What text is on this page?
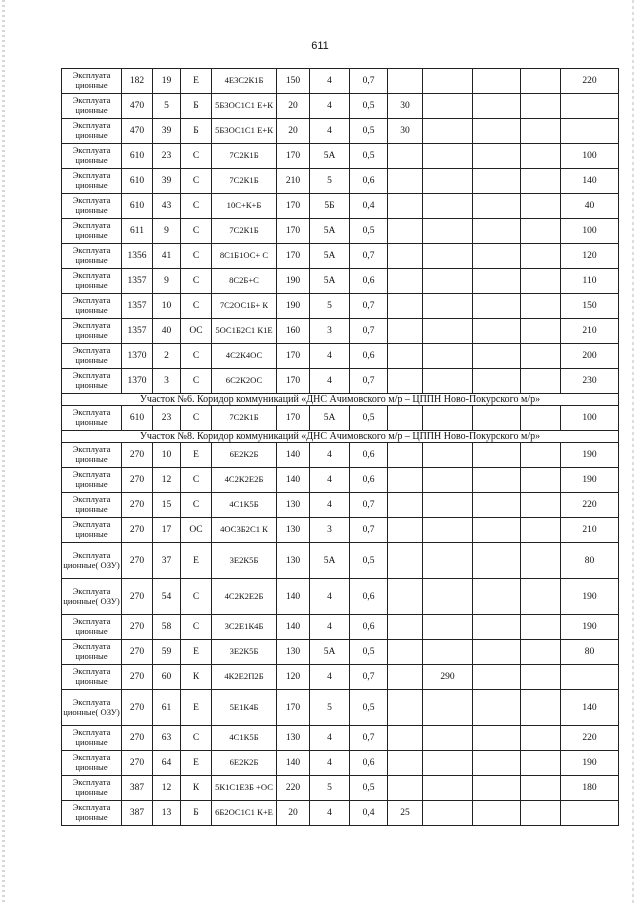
611
Эксплуата ционные	182	19	Е	4Е3С2К1Б	150	4	0,7					220
Эксплуата ционные	470	5	Б	5Б3ОС1С1 Е+К	20	4	0,5	30				
Эксплуата ционные	470	39	Б	5Б3ОС1С1 Е+К	20	4	0,5	30				
Эксплуата ционные	610	23	С	7С2К1Б	170	5А	0,5					100
Эксплуата ционные	610	39	С	7С2К1Б	210	5	0,6					140
Эксплуата ционные	610	43	С	10С+К+Б	170	5Б	0,4					40
Эксплуата ционные	611	9	С	7С2К1Б	170	5А	0,5					100
Эксплуата ционные	1356	41	С	8С1Б1ОС+ С	170	5А	0,7					120
Эксплуата ционные	1357	9	С	8С2Б+С	190	5А	0,6					110
Эксплуата ционные	1357	10	С	7С2ОС1Б+ К	190	5	0,7					150
Эксплуата ционные	1357	40	ОС	5ОС1Б2С1 К1Е	160	3	0,7					210
Эксплуата ционные	1370	2	С	4С2К4ОС	170	4	0,6					200
Эксплуата ционные	1370	3	С	6С2К2ОС	170	4	0,7					230
Участок №6. Коридор коммуникаций «ДНС Ачимовского м/р – ЦППН Ново-Покурского м/р»												
Эксплуата ционные	610	23	С	7С2К1Б	170	5А	0,5					100
Участок №8. Коридор коммуникаций «ДНС Ачимовского м/р – ЦППН Ново-Покурского м/р»												
Эксплуата ционные	270	10	Е	6Е2К2Б	140	4	0,6					190
Эксплуата ционные	270	12	С	4С2К2Е2Б	140	4	0,6					190
Эксплуата ционные	270	15	С	4С1К5Б	130	4	0,7					220
Эксплуата ционные	270	17	ОС	4ОС3Б2С1 К	130	3	0,7					210
Эксплуата ционные( ОЗУ)	270	37	Е	3Е2К5Б	130	5А	0,5					80
Эксплуата ционные( ОЗУ)	270	54	С	4С2К2Е2Б	140	4	0,6					190
Эксплуата ционные	270	58	С	3С2Е1К4Б	140	4	0,6					190
Эксплуата ционные	270	59	Е	3Е2К5Б	130	5А	0,5					80
Эксплуата ционные	270	60	К	4К2Е2П2Б	120	4	0,7		290			
Эксплуата ционные( ОЗУ)	270	61	Е	5Е1К4Б	170	5	0,5					140
Эксплуата ционные	270	63	С	4С1К5Б	130	4	0,7					220
Эксплуата ционные	270	64	Е	6Е2К2Б	140	4	0,6					190
Эксплуата ционные	387	12	К	5К1С1Е3Б +ОС	220	5	0,5					180
Эксплуата ционные	387	13	Б	6Б2ОС1С1 К+Е	20	4	0,4	25				
